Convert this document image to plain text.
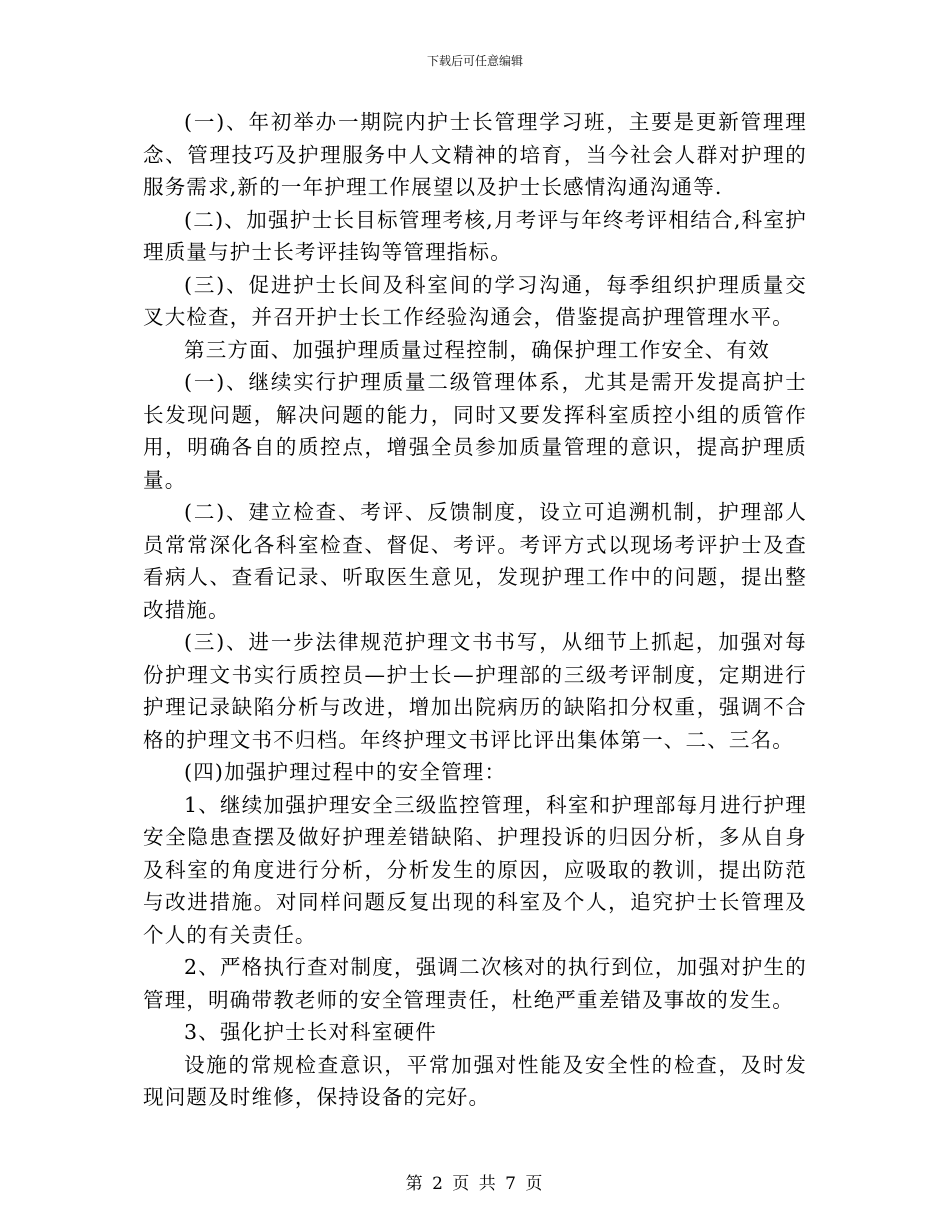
下载后可任意编辑

(一)、年初举办一期院内护士长管理学习班，主要是更新管理理念、管理技巧及护理服务中人文精神的培育，当今社会人群对护理的服务需求,新的一年护理工作展望以及护士长感情沟通沟通等.

(二)、加强护士长目标管理考核,月考评与年终考评相结合,科室护理质量与护士长考评挂钩等管理指标。

(三)、促进护士长间及科室间的学习沟通，每季组织护理质量交叉大检查，并召开护士长工作经验沟通会，借鉴提高护理管理水平。

第三方面、加强护理质量过程控制，确保护理工作安全、有效

(一)、继续实行护理质量二级管理体系，尤其是需开发提高护士长发现问题，解决问题的能力，同时又要发挥科室质控小组的质管作用，明确各自的质控点，增强全员参加质量管理的意识，提高护理质量。

(二)、建立检查、考评、反馈制度，设立可追溯机制，护理部人员常常深化各科室检查、督促、考评。考评方式以现场考评护士及查看病人、查看记录、听取医生意见，发现护理工作中的问题，提出整改措施。

(三)、进一步法律规范护理文书书写，从细节上抓起，加强对每份护理文书实行质控员—护士长—护理部的三级考评制度，定期进行护理记录缺陷分析与改进，增加出院病历的缺陷扣分权重，强调不合格的护理文书不归档。年终护理文书评比评出集体第一、二、三名。

(四)加强护理过程中的安全管理：

1、继续加强护理安全三级监控管理，科室和护理部每月进行护理安全隐患查摆及做好护理差错缺陷、护理投诉的归因分析，多从自身及科室的角度进行分析，分析发生的原因，应吸取的教训，提出防范与改进措施。对同样问题反复出现的科室及个人，追究护士长管理及个人的有关责任。

2、严格执行查对制度，强调二次核对的执行到位，加强对护生的管理，明确带教老师的安全管理责任，杜绝严重差错及事故的发生。

3、强化护士长对科室硬件

设施的常规检查意识，平常加强对性能及安全性的检查，及时发现问题及时维修，保持设备的完好。

第 2 页 共 7 页
